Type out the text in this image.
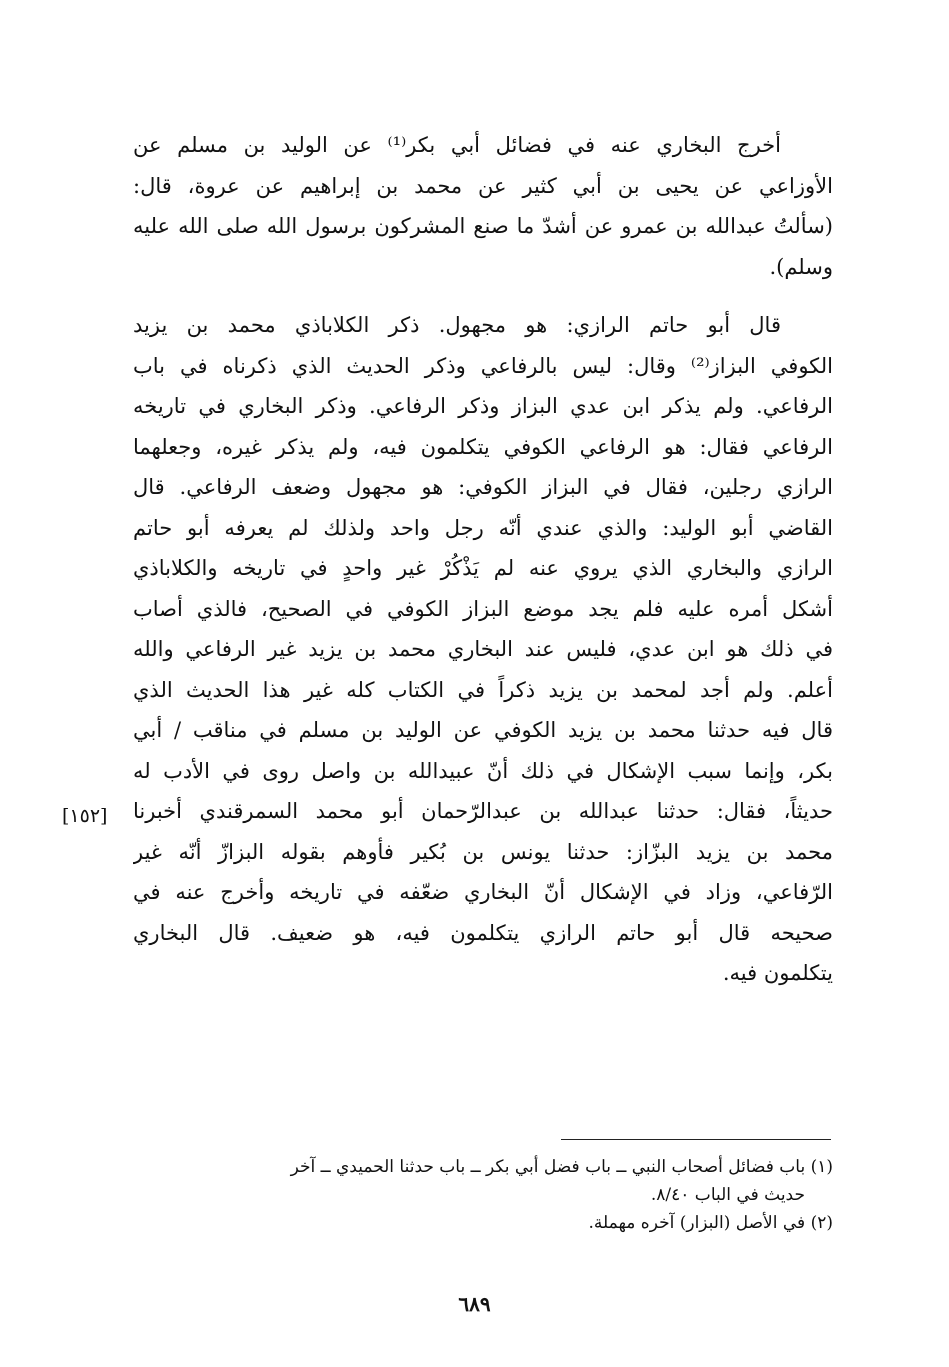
أخرج البخاري عنه في فضائل أبي بكر⁽¹⁾ عن الوليد بن مسلم عن
الأوزاعي عن يحيى بن أبي كثير عن محمد بن إبراهيم عن عروة، قال:
(سألتُ عبدالله بن عمرو عن أشدّ ما صنع المشركون برسول الله صلى الله عليه
وسلم).
قال أبو حاتم الرازي: هو مجهول. ذكر الكلاباذي محمد بن يزيد
الكوفي البزاز⁽²⁾ وقال: ليس بالرفاعي وذكر الحديث الذي ذكرناه في باب
الرفاعي. ولم يذكر ابن عدي البزاز وذكر الرفاعي. وذكر البخاري في تاريخه
الرفاعي فقال: هو الرفاعي الكوفي يتكلمون فيه، ولم يذكر غيره، وجعلهما
الرازي رجلين، فقال في البزاز الكوفي: هو مجهول وضعف الرفاعي. قال
القاضي أبو الوليد: والذي عندي أنّه رجل واحد ولذلك لم يعرفه أبو حاتم
الرازي والبخاري الذي يروي عنه لم يَذْكُرْ غير واحدٍ في تاريخه والكلاباذي
أشكل أمره عليه فلم يجد موضع البزاز الكوفي في الصحيح، فالذي أصاب
في ذلك هو ابن عدي، فليس عند البخاري محمد بن يزيد غير الرفاعي والله
أعلم. ولم أجد لمحمد بن يزيد ذكراً في الكتاب كله غير هذا الحديث الذي
قال فيه حدثنا محمد بن يزيد الكوفي عن الوليد بن مسلم في مناقب / أبي
بكر، وإنما سبب الإشكال في ذلك أنّ عبيدالله بن واصل روى في الأدب له
حديثاً، فقال: حدثنا عبدالله بن عبدالرّحمان أبو محمد السمرقندي أخبرنا
محمد بن يزيد البزّاز: حدثنا يونس بن بُكير فأوهم بقوله البزازّ أنّه غير
الرّفاعي، وزاد في الإشكال أنّ البخاري ضعّفه في تاريخه وأخرج عنه في
صحيحه قال أبو حاتم الرازي يتكلمون فيه، هو ضعيف. قال البخاري
يتكلمون فيه.
[١٥٢]

(١) باب فضائل أصحاب النبي ــ باب فضل أبي بكر ــ باب حدثنا الحميدي ــ آخر

حديث في الباب ٨/٤٠.

(٢) في الأصل (البزار) آخره مهملة.

٦٨٩
